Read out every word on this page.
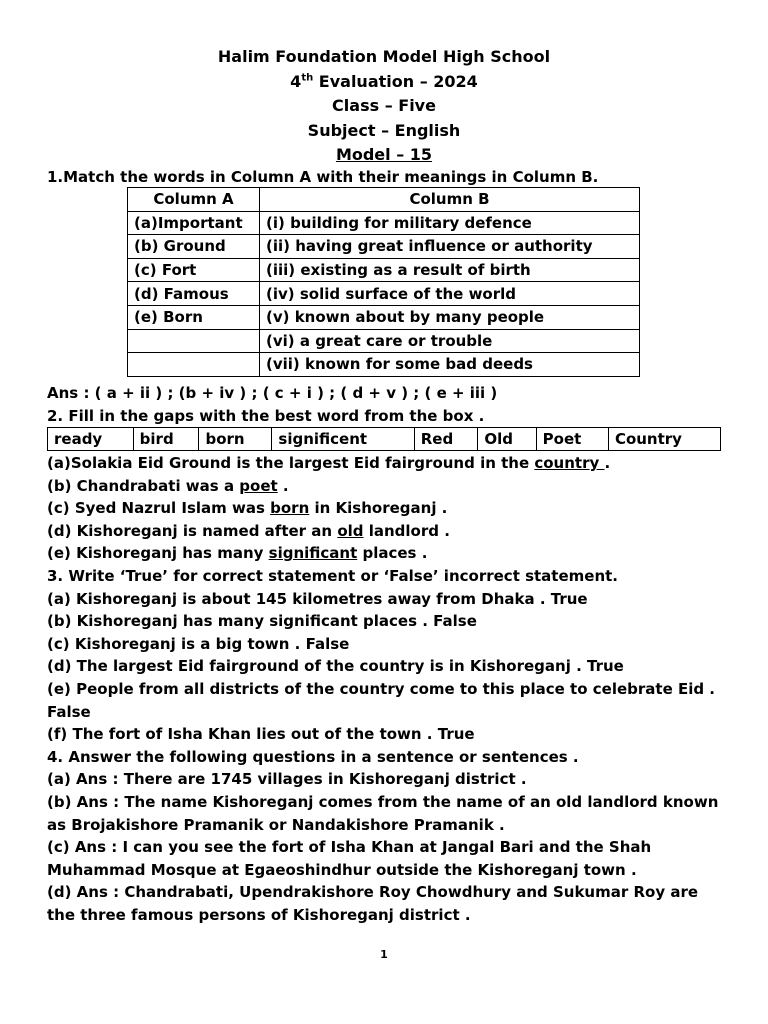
Halim Foundation Model High School
4th Evaluation – 2024
Class – Five
Subject – English
Model – 15
1.Match the words in Column A with their meanings in Column B.
Column A	Column B
(a)Important	(i) building for military defence
(b) Ground	(ii) having great influence or authority
(c) Fort	(iii) existing as a result of birth
(d) Famous	(iv) solid surface of the world
(e) Born	(v) known about by many people
	(vi) a great care or trouble
	(vii) known for some bad deeds
Ans : ( a + ii ) ; (b + iv ) ; ( c + i ) ; ( d + v ) ; ( e + iii )
2. Fill in the gaps with the best word from the box .
ready	bird	born	significent	Red	Old	Poet	Country
(a)Solakia Eid Ground is the largest Eid fairground in the country .
(b) Chandrabati was a poet .
(c) Syed Nazrul Islam was born in Kishoreganj .
(d) Kishoreganj is named after an old landlord .
(e) Kishoreganj has many significant places .
3. Write ‘True’ for correct statement or ‘False’ incorrect statement.
(a) Kishoreganj is about 145 kilometres away from Dhaka . True
(b) Kishoreganj has many significant places . False
(c) Kishoreganj is a big town . False
(d) The largest Eid fairground of the country is in Kishoreganj . True
(e) People from all districts of the country come to this place to celebrate Eid .
False
(f) The fort of Isha Khan lies out of the town . True
4. Answer the following questions in a sentence or sentences .
(a) Ans : There are 1745 villages in Kishoreganj district .
(b) Ans : The name Kishoreganj comes from the name of an old landlord known
as Brojakishore Pramanik or Nandakishore Pramanik .
(c) Ans : I can you see the fort of Isha Khan at Jangal Bari and the Shah
Muhammad Mosque at Egaeoshindhur outside the Kishoreganj town .
(d) Ans : Chandrabati, Upendrakishore Roy Chowdhury and Sukumar Roy are
the three famous persons of Kishoreganj district .
1
